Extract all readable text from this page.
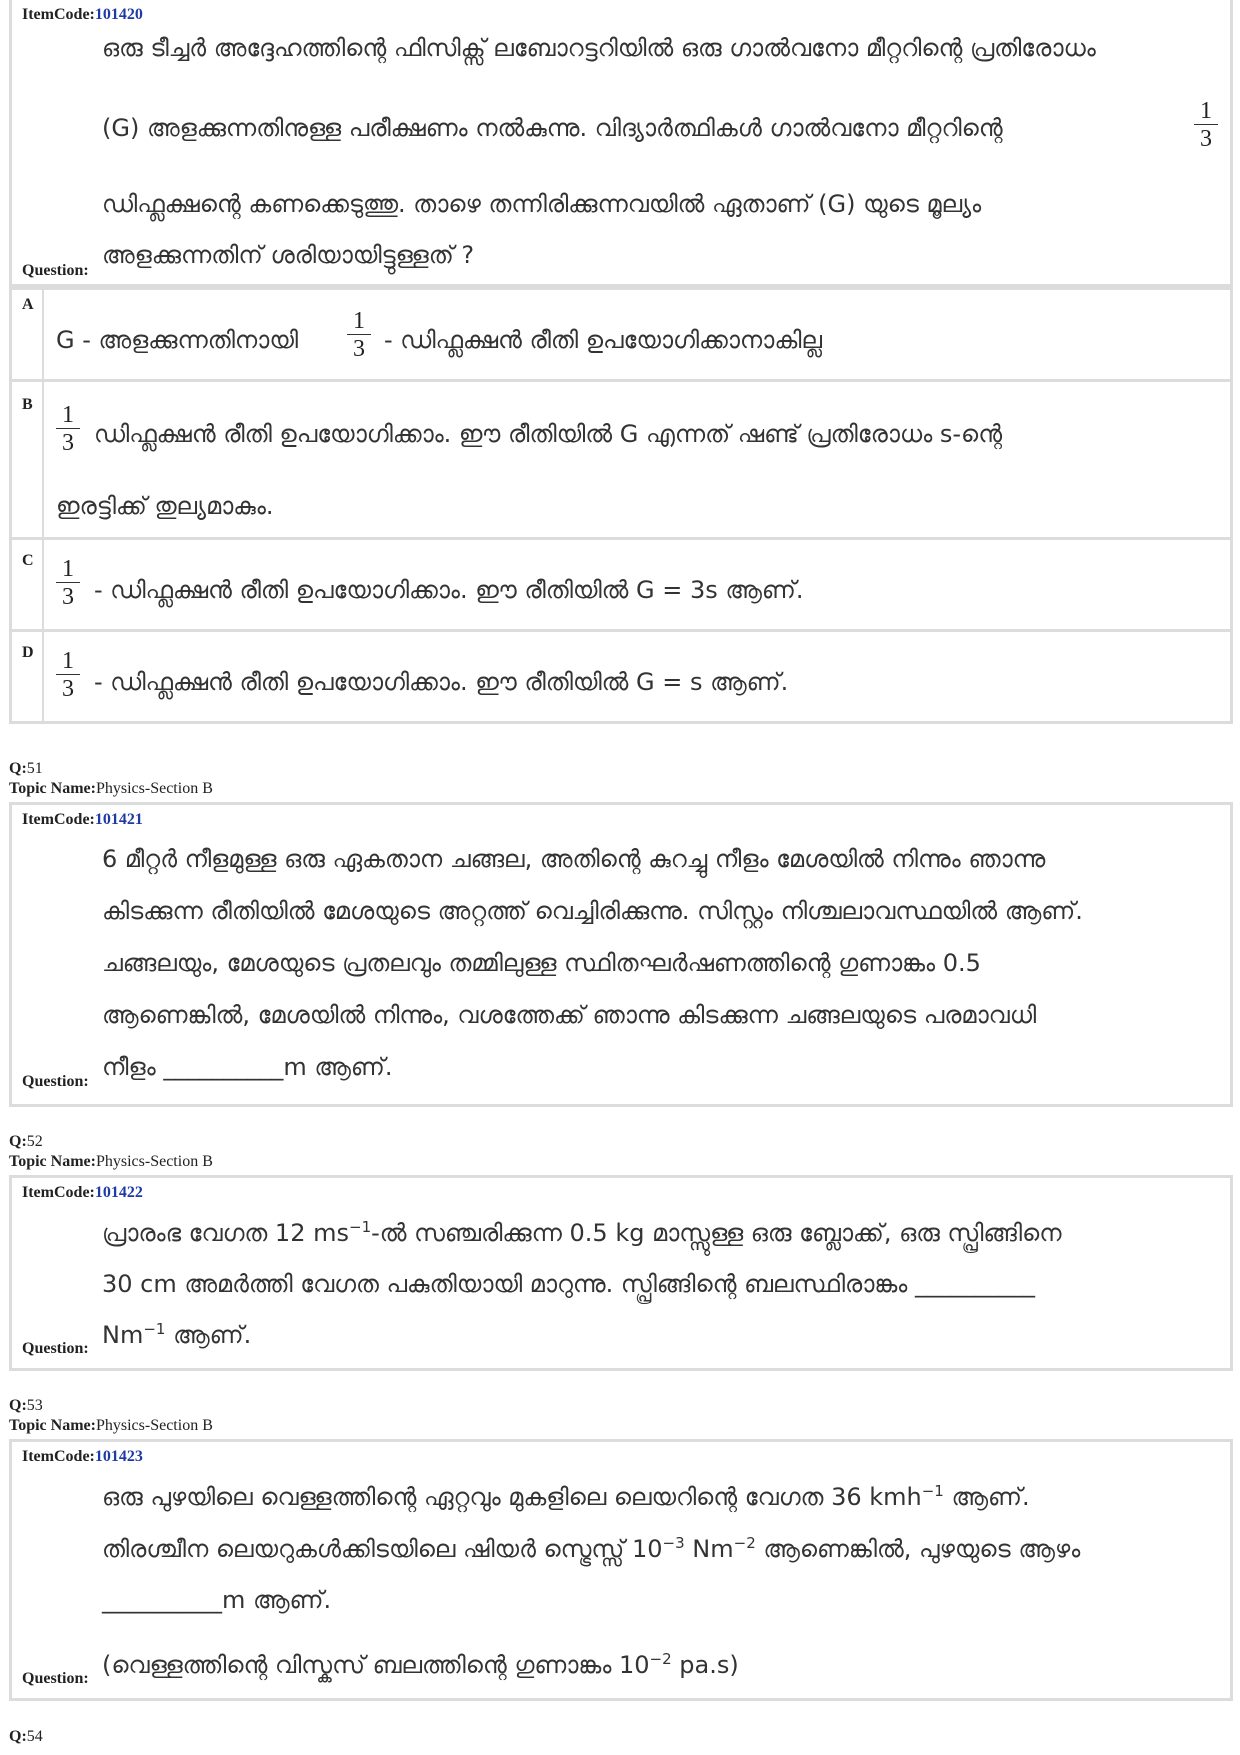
ItemCode:101420
ഒരു ടീച്ചർ അദ്ദേഹത്തിന്റെ ഫിസിക്സ് ലബോറട്ടറിയിൽ ഒരു ഗാൽവനോ മീറ്ററിന്റെ പ്രതിരോധം
(G) അളക്കുന്നതിനുള്ള പരീക്ഷണം നൽകുന്നു. വിദ്യാർത്ഥികൾ ഗാൽവനോ മീറ്ററിന്റെ	$\frac{1}{3}$
ഡിഫ്ലക്ഷന്റെ കണക്കെടുത്തു. താഴെ തന്നിരിക്കുന്നവയിൽ ഏതാണ് (G) യുടെ മൂല്യം
അളക്കുന്നതിന് ശരിയായിട്ടുള്ളത് ?
Question:
A
G - അളക്കുന്നതിനായി $\frac{1}{3}$ - ഡിഫ്ലക്ഷൻ രീതി ഉപയോഗിക്കാനാകില്ല
B $\frac{1}{3}$ ഡിഫ്ലക്ഷൻ രീതി ഉപയോഗിക്കാം. ഈ രീതിയിൽ G എന്നത് ഷണ്ട് പ്രതിരോധം s-ന്റെ
ഇരട്ടിക്ക് തുല്യമാകും.
C $\frac{1}{3}$ - ഡിഫ്ലക്ഷൻ രീതി ഉപയോഗിക്കാം. ഈ രീതിയിൽ G = 3s ആണ്.
D $\frac{1}{3}$ - ഡിഫ്ലക്ഷൻ രീതി ഉപയോഗിക്കാം. ഈ രീതിയിൽ G = s ആണ്.
Q:51
Topic Name:Physics-Section B
ItemCode:101421
6 മീറ്റർ നീളമുള്ള ഒരു ഏകതാന ചങ്ങല, അതിന്റെ കുറച്ചു നീളം മേശയിൽ നിന്നും ഞാന്നു
കിടക്കുന്ന രീതിയിൽ മേശയുടെ അറ്റത്ത് വെച്ചിരിക്കുന്നു. സിസ്റ്റം നിശ്ചലാവസ്ഥയിൽ ആണ്.
ചങ്ങലയും, മേശയുടെ പ്രതലവും തമ്മിലുള്ള സ്ഥിതഘർഷണത്തിന്റെ ഗുണാങ്കം 0.5
ആണെങ്കിൽ, മേശയിൽ നിന്നും, വശത്തേക്ക് ഞാന്നു കിടക്കുന്ന ചങ്ങലയുടെ പരമാവധി
നീളം __________m ആണ്.
Question:
Q:52
Topic Name:Physics-Section B
ItemCode:101422
പ്രാരംഭ വേഗത 12 $ms^{-1}-ൽ$ സഞ്ചരിക്കുന്ന 0.5 kg മാസ്സുള്ള ഒരു ബ്ലോക്ക്, ഒരു സ്പ്രിങ്ങിനെ
30 cm അമർത്തി വേഗത പകുതിയായി മാറുന്നു. സ്പ്രിങ്ങിന്റെ ബലസ്ഥിരാങ്കം __________
$Nm^{-1}$ ആണ്.
Question:
Q:53
Topic Name:Physics-Section B
ItemCode:101423
ഒരു പുഴയിലെ വെള്ളത്തിന്റെ ഏറ്റവും മുകളിലെ ലെയറിന്റെ വേഗത 36 kmh$^{-1}$ ആണ്.
തിരശ്ചീന ലെയറുകൾക്കിടയിലെ ഷിയർ സ്ട്രെസ്സ് $10^{-3}$ $Nm^{-2}$ ആണെങ്കിൽ, പുഴയുടെ ആഴം
__________m ആണ്.
(വെള്ളത്തിന്റെ വിസ്കസ് ബലത്തിന്റെ ഗുണാങ്കം $10^{-2}$ pa.s)
Question:
Q:54
